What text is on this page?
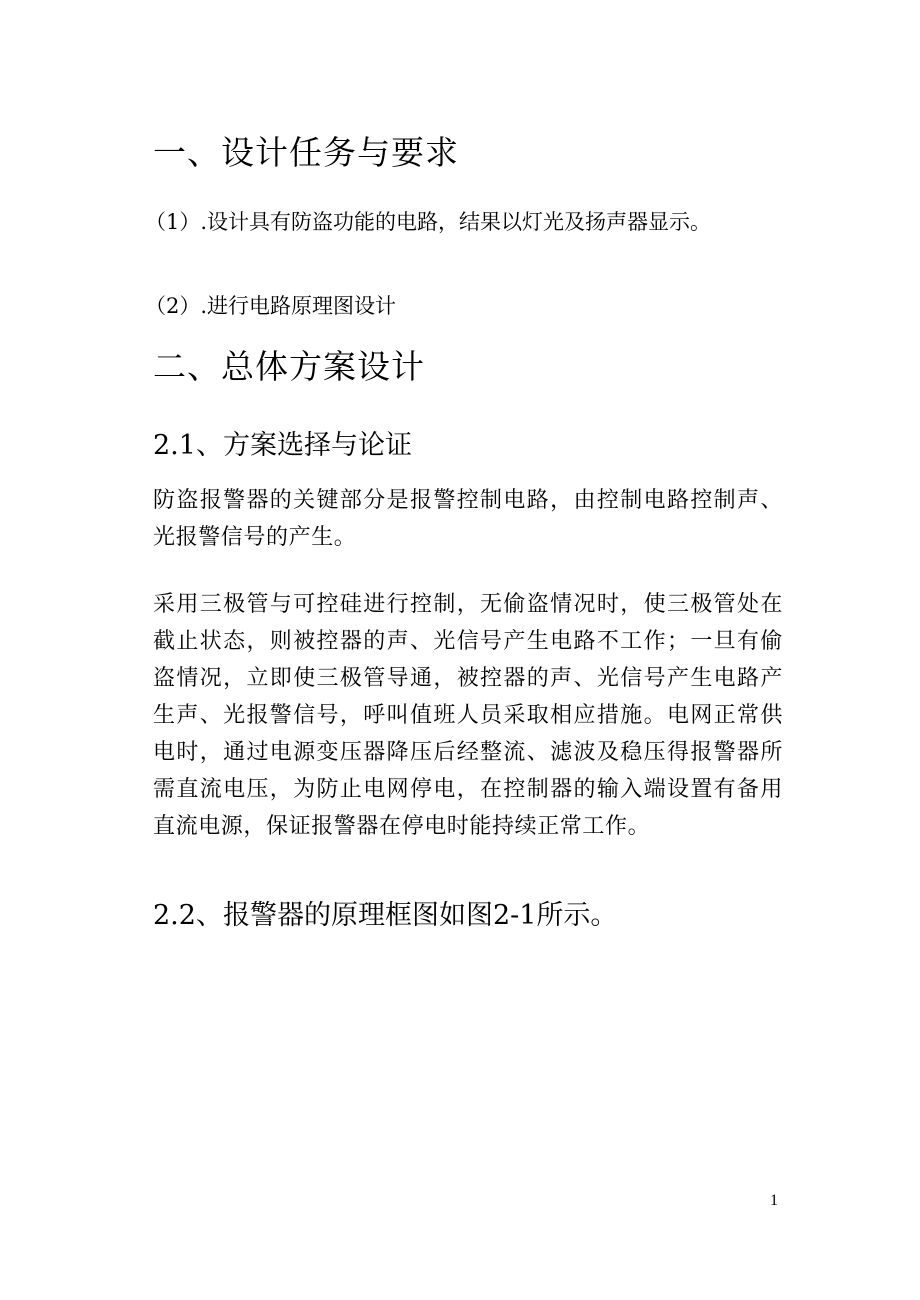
一、设计任务与要求

（1）.设计具有防盗功能的电路，结果以灯光及扬声器显示。

（2）.进行电路原理图设计

二、总体方案设计
2.1、方案选择与论证

防盗报警器的关键部分是报警控制电路，由控制电路控制声、光报警信号的产生。

采用三极管与可控硅进行控制，无偷盗情况时，使三极管处在截止状态，则被控器的声、光信号产生电路不工作；一旦有偷盗情况，立即使三极管导通，被控器的声、光信号产生电路产生声、光报警信号，呼叫值班人员采取相应措施。电网正常供电时，通过电源变压器降压后经整流、滤波及稳压得报警器所需直流电压，为防止电网停电，在控制器的输入端设置有备用直流电源，保证报警器在停电时能持续正常工作。

2.2、报警器的原理框图如图2-1所示。
1
